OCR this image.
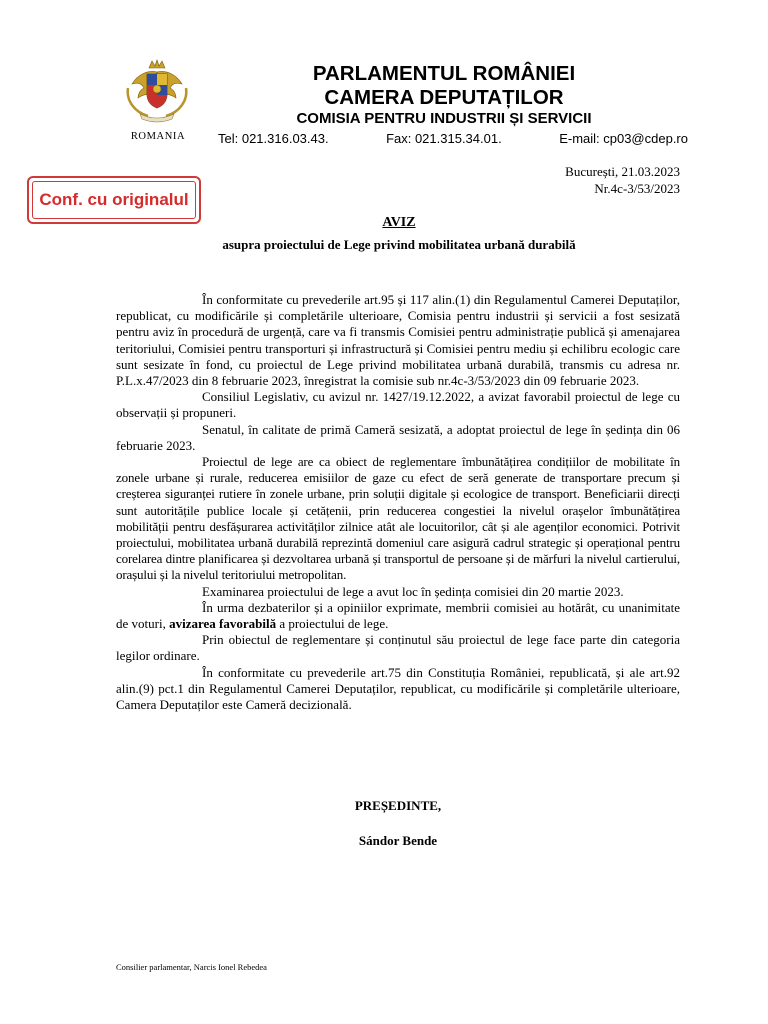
ROMANIA
PARLAMENTUL ROMÂNIEI
CAMERA DEPUTAȚILOR
COMISIA PENTRU INDUSTRII ȘI SERVICII
Tel: 021.316.03.43.	Fax: 021.315.34.01.	E-mail: cp03@cdep.ro
Conf. cu originalul
București, 21.03.2023
Nr.4c-3/53/2023
AVIZ
asupra proiectului de Lege privind mobilitatea urbană durabilă

În conformitate cu prevederile art.95 și 117 alin.(1) din Regulamentul Camerei Deputaților, republicat, cu modificările și completările ulterioare, Comisia pentru industrii și servicii a fost sesizată pentru aviz în procedură de urgență, care va fi transmis Comisiei pentru administrație publică și amenajarea teritoriului, Comisiei pentru transporturi și infrastructură și Comisiei pentru mediu și echilibru ecologic care sunt sesizate în fond, cu proiectul de Lege privind mobilitatea urbană durabilă, transmis cu adresa nr. P.L.x.47/2023 din 8 februarie 2023, înregistrat la comisie sub nr.4c-3/53/2023 din 09 februarie 2023.

Consiliul Legislativ, cu avizul nr. 1427/19.12.2022, a avizat favorabil proiectul de lege cu observații și propuneri.

Senatul, în calitate de primă Cameră sesizată, a adoptat proiectul de lege în ședința din 06 februarie 2023.

Proiectul de lege are ca obiect de reglementare îmbunătățirea condițiilor de mobilitate în zonele urbane și rurale, reducerea emisiilor de gaze cu efect de seră generate de transportare precum și creșterea siguranței rutiere în zonele urbane, prin soluții digitale și ecologice de transport. Beneficiarii direcți sunt autoritățile publice locale și cetățenii, prin reducerea congestiei la nivelul orașelor îmbunătățirea mobilității pentru desfășurarea activităților zilnice atât ale locuitorilor, cât și ale agenților economici. Potrivit proiectului, mobilitatea urbană durabilă reprezintă domeniul care asigură cadrul strategic și operațional pentru corelarea dintre planificarea și dezvoltarea urbană și transportul de persoane și de mărfuri la nivelul cartierului, orașului și la nivelul teritoriului metropolitan.

Examinarea proiectului de lege a avut loc în ședința comisiei din 20 martie 2023.

În urma dezbaterilor și a opiniilor exprimate, membrii comisiei au hotărât, cu unanimitate de voturi, avizarea favorabilă a proiectului de lege.

Prin obiectul de reglementare și conținutul său proiectul de lege face parte din categoria legilor ordinare.

În conformitate cu prevederile art.75 din Constituția României, republicată, și ale art.92 alin.(9) pct.1 din Regulamentul Camerei Deputaților, republicat, cu modificările și completările ulterioare, Camera Deputaților este Cameră decizională.

PREȘEDINTE,
Sándor Bende
Consilier parlamentar, Narcis Ionel Rebedea
